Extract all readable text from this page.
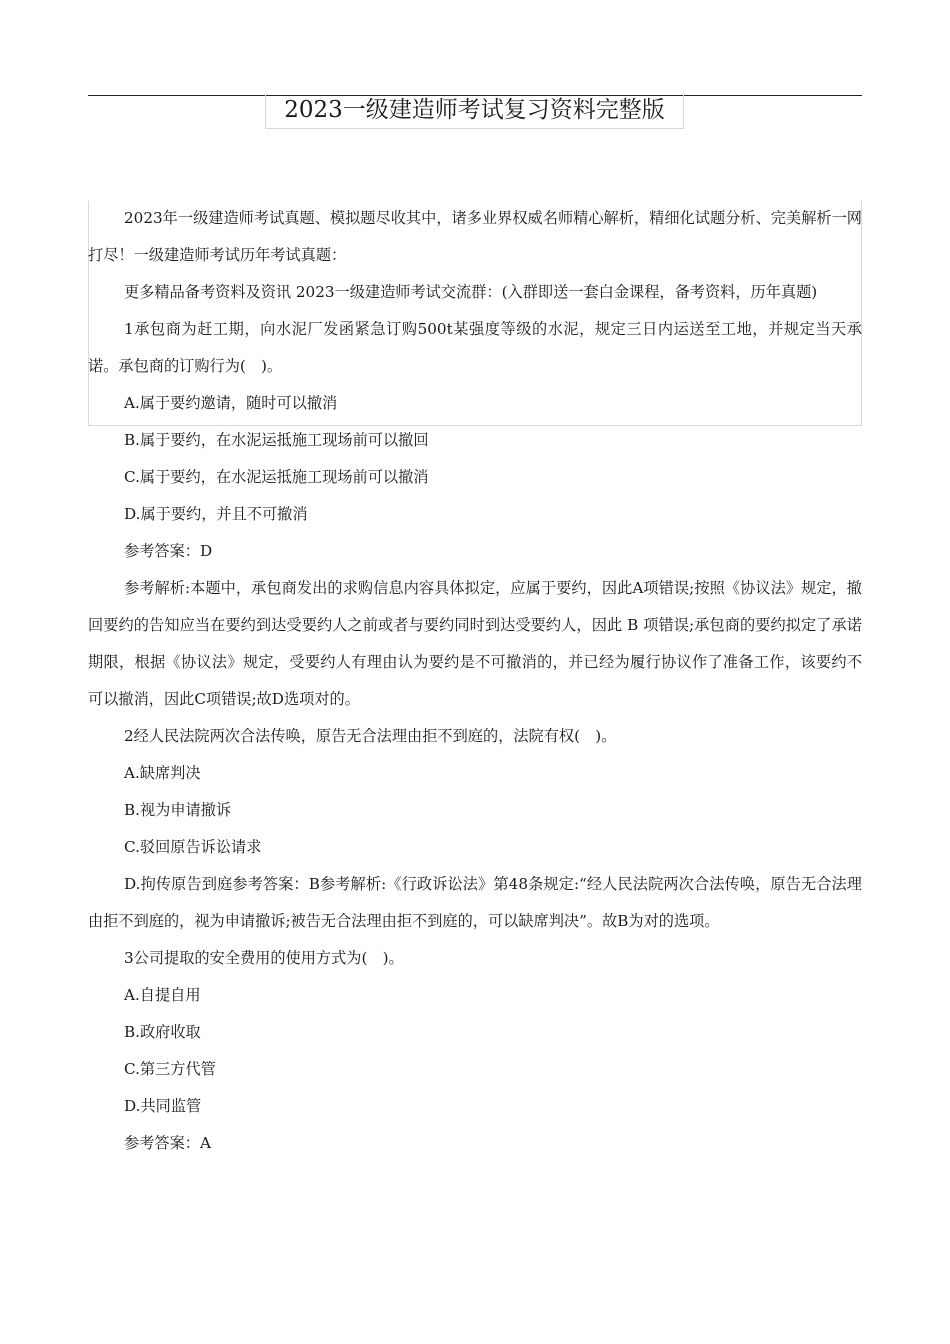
2023一级建造师考试复习资料完整版

2023年一级建造师考试真题、模拟题尽收其中，诸多业界权威名师精心解析，精细化试题分析、完美解析一网打尽！一级建造师考试历年考试真题：

更多精品备考资料及资讯 2023一级建造师考试交流群：(入群即送一套白金课程，备考资料，历年真题)

1承包商为赶工期，向水泥厂发函紧急订购500t某强度等级的水泥，规定三日内运送至工地，并规定当天承诺。承包商的订购行为(　)。

A.属于要约邀请，随时可以撤消

B.属于要约，在水泥运抵施工现场前可以撤回

C.属于要约，在水泥运抵施工现场前可以撤消

D.属于要约，并且不可撤消

参考答案：D

参考解析:本题中，承包商发出的求购信息内容具体拟定，应属于要约，因此A项错误;按照《协议法》规定，撤回要约的告知应当在要约到达受要约人之前或者与要约同时到达受要约人，因此 B 项错误;承包商的要约拟定了承诺期限，根据《协议法》规定，受要约人有理由认为要约是不可撤消的，并已经为履行协议作了准备工作，该要约不可以撤消，因此C项错误;故D选项对的。

2经人民法院两次合法传唤，原告无合法理由拒不到庭的，法院有权(　)。

A.缺席判决

B.视为申请撤诉

C.驳回原告诉讼请求

D.拘传原告到庭参考答案：B参考解析:《行政诉讼法》第48条规定:“经人民法院两次合法传唤，原告无合法理由拒不到庭的，视为申请撤诉;被告无合法理由拒不到庭的，可以缺席判决”。故B为对的选项。

3公司提取的安全费用的使用方式为(　)。

A.自提自用

B.政府收取

C.第三方代管

D.共同监管

参考答案：A
